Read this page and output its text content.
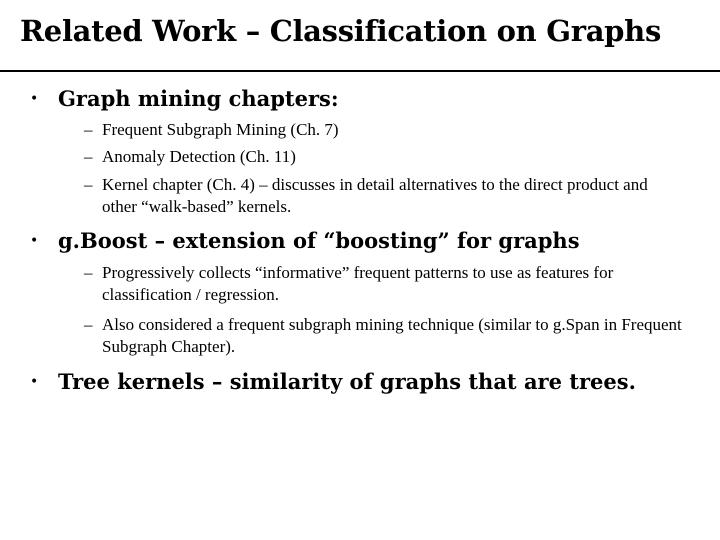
Related Work – Classification on Graphs
• Graph mining chapters:
– Frequent Subgraph Mining (Ch. 7)
– Anomaly Detection (Ch. 11)
– Kernel chapter (Ch. 4) – discusses in detail alternatives to the direct product and other “walk-based” kernels.
• g.Boost – extension of “boosting” for graphs
– Progressively collects “informative” frequent patterns to use as features for classification / regression.
– Also considered a frequent subgraph mining technique (similar to g.Span in Frequent Subgraph Chapter).
• Tree kernels – similarity of graphs that are trees.
